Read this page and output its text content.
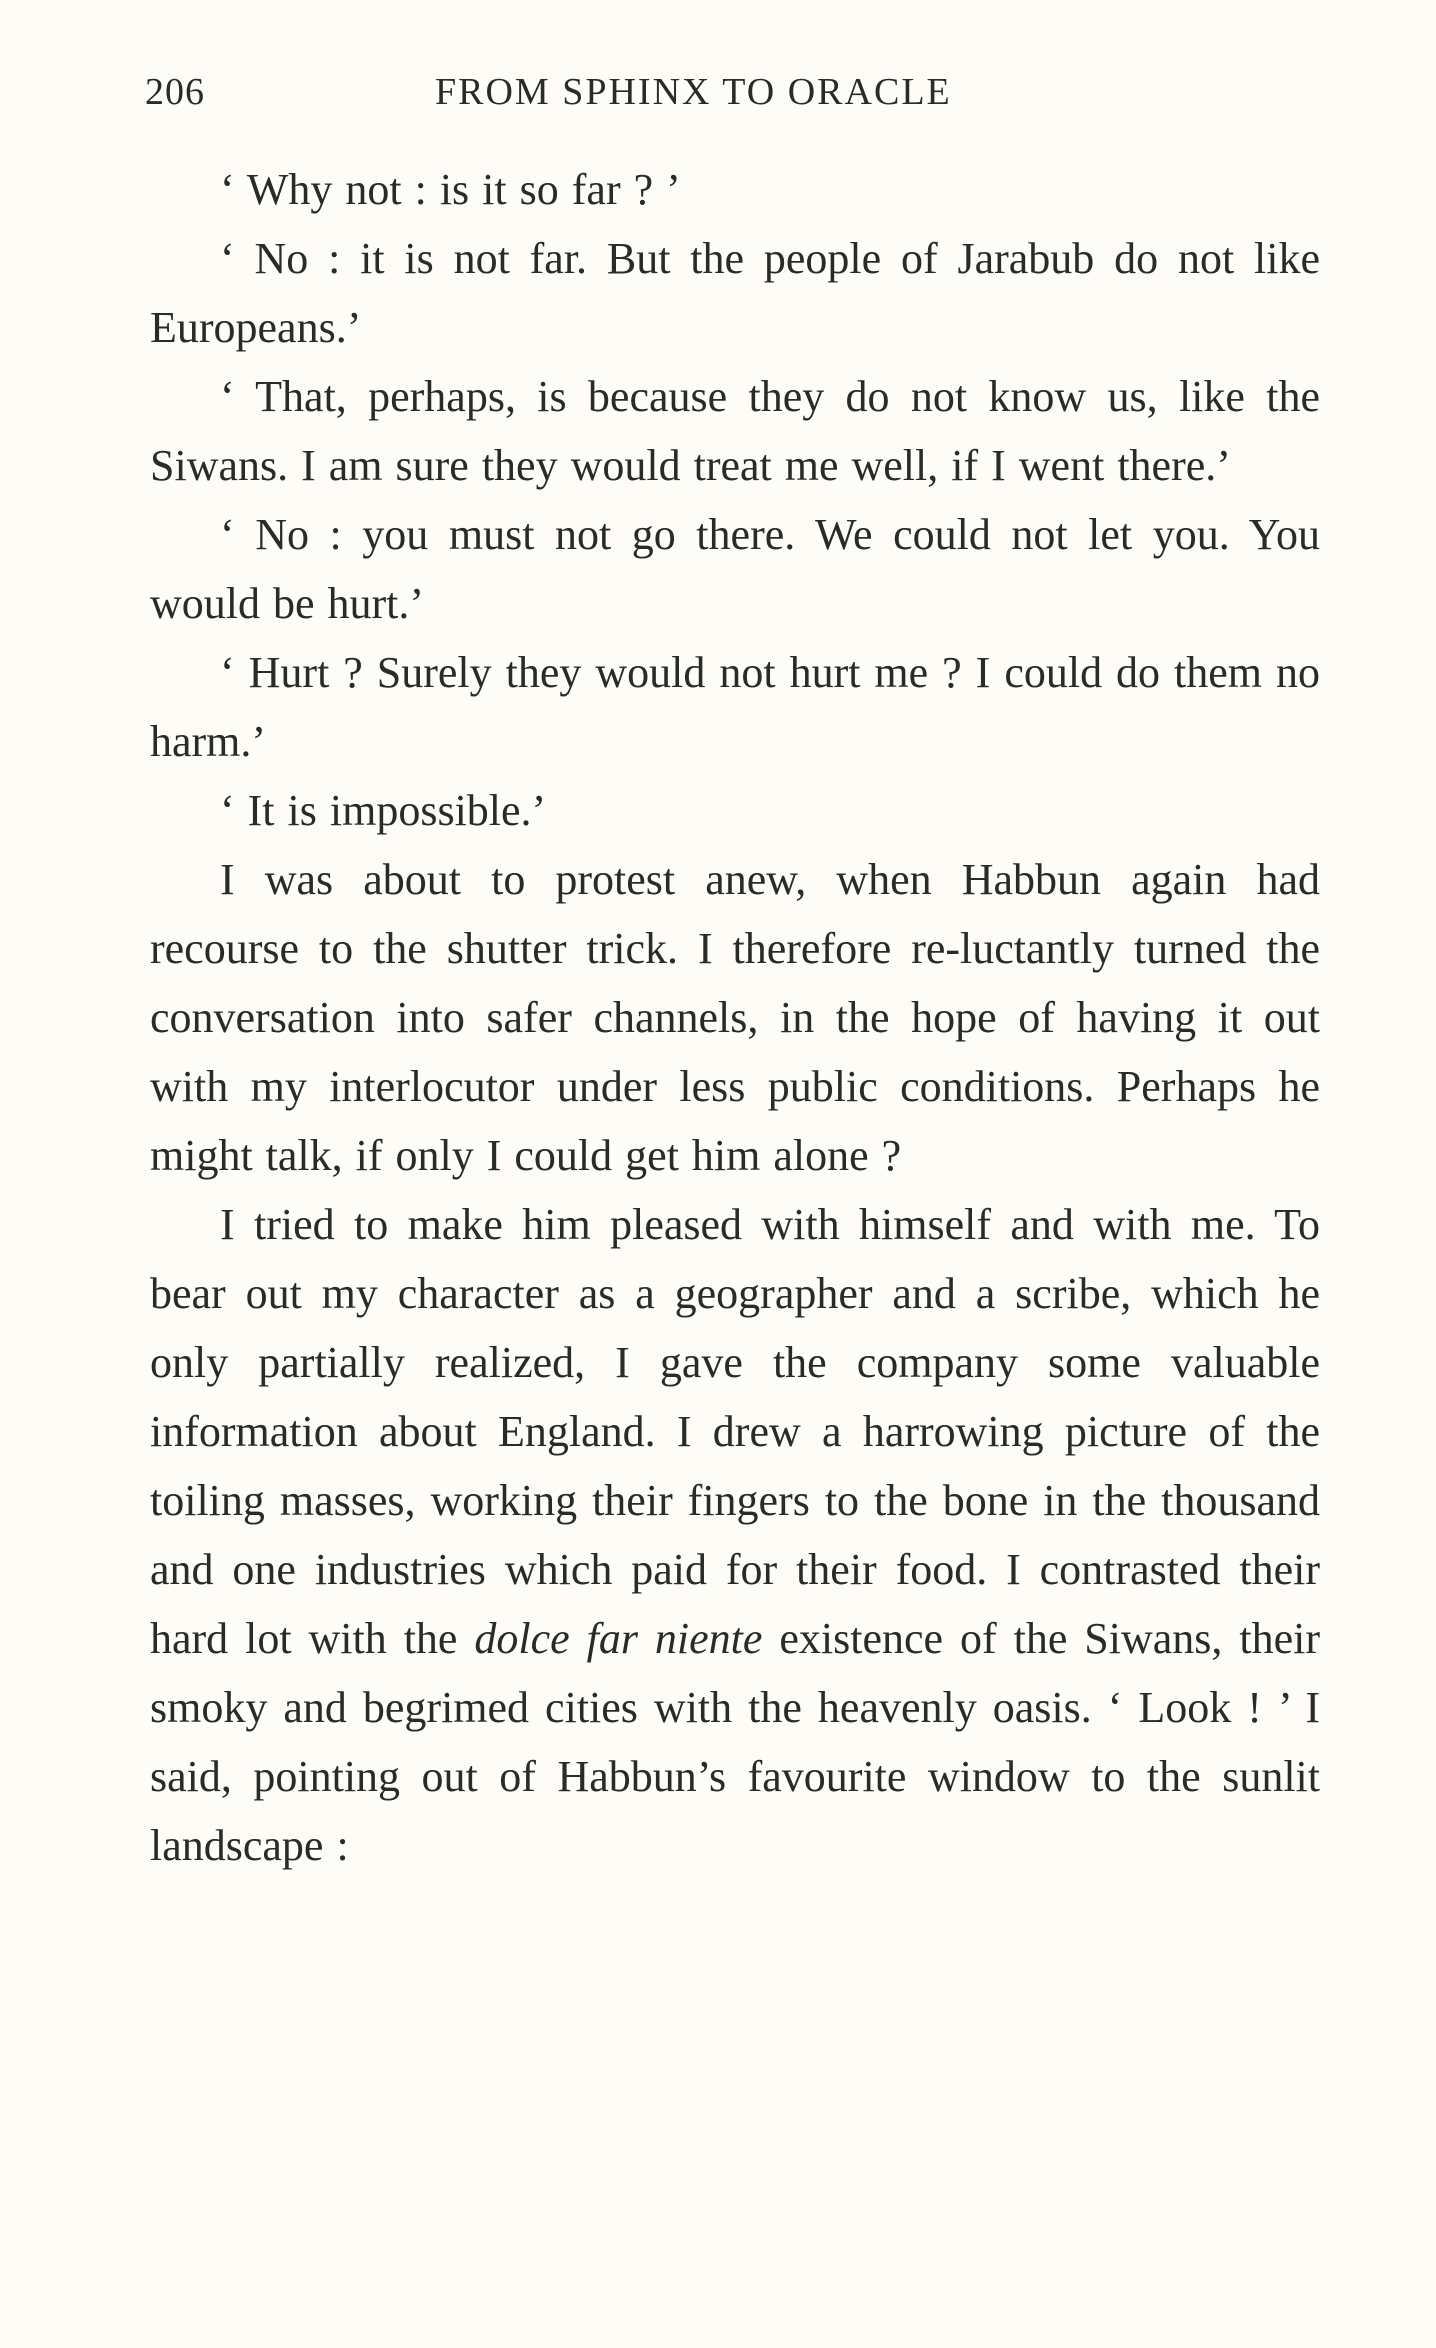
206	FROM SPHINX TO ORACLE

‘ Why not : is it so far ? ’

‘ No : it is not far. But the people of Jarabub do not like Europeans.’

‘ That, perhaps, is because they do not know us, like the Siwans. I am sure they would treat me well, if I went there.’

‘ No : you must not go there. We could not let you. You would be hurt.’

‘ Hurt ? Surely they would not hurt me ? I could do them no harm.’

‘ It is impossible.’

I was about to protest anew, when Habbun again had recourse to the shutter trick. I therefore re-luctantly turned the conversation into safer channels, in the hope of having it out with my interlocutor under less public conditions. Perhaps he might talk, if only I could get him alone ?

I tried to make him pleased with himself and with me. To bear out my character as a geographer and a scribe, which he only partially realized, I gave the company some valuable information about England. I drew a harrowing picture of the toiling masses, working their fingers to the bone in the thousand and one industries which paid for their food. I contrasted their hard lot with the dolce far niente existence of the Siwans, their smoky and begrimed cities with the heavenly oasis. ‘ Look ! ’ I said, pointing out of Habbun’s favourite window to the sunlit landscape :
